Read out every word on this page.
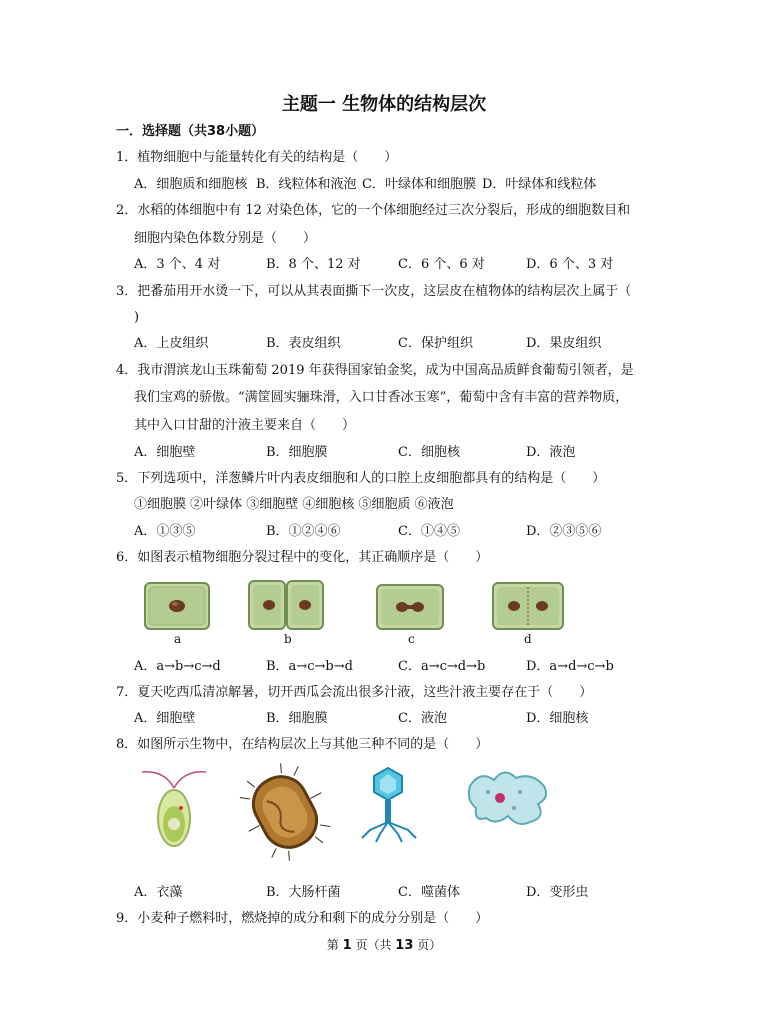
主题一 生物体的结构层次
一．选择题（共38小题）
1．植物细胞中与能量转化有关的结构是（　　）
A．细胞质和细胞核 B．线粒体和液泡 C．叶绿体和细胞膜 D．叶绿体和线粒体
2．水稻的体细胞中有 12 对染色体，它的一个体细胞经过三次分裂后，形成的细胞数目和
细胞内染色体数分别是（　　）
A．3 个、4 对	B．8 个、12 对	C．6 个、6 对	D．6 个、3 对
3．把番茄用开水烫一下，可以从其表面撕下一次皮，这层皮在植物体的结构层次上属于（
)
A．上皮组织	B．表皮组织	C．保护组织	D．果皮组织
4．我市渭滨龙山玉珠葡萄 2019 年获得国家铂金奖，成为中国高品质鲜食葡萄引领者，是
我们宝鸡的骄傲。“满筐圆实骊珠滑，入口甘香冰玉寒”，葡萄中含有丰富的营养物质，
其中入口甘甜的汁液主要来自（　　）
A．细胞壁	B．细胞膜	C．细胞核	D．液泡
5．下列选项中，洋葱鳞片叶内表皮细胞和人的口腔上皮细胞都具有的结构是（　　）
①细胞膜 ②叶绿体 ③细胞壁 ④细胞核 ⑤细胞质 ⑥液泡
A．①③⑤	B．①②④⑥	C．①④⑤	D．②③⑤⑥
6．如图表示植物细胞分裂过程中的变化，其正确顺序是（　　）
a	b	c	d
A．a→b→c→d	B．a→c→b→d	C．a→c→d→b	D．a→d→c→b
7．夏天吃西瓜清凉解暑，切开西瓜会流出很多汁液，这些汁液主要存在于（　　）
A．细胞壁	B．细胞膜	C．液泡	D．细胞核
8．如图所示生物中，在结构层次上与其他三种不同的是（　　）
A．衣藻	B．大肠杆菌	C．噬菌体	D．变形虫
9．小麦种子燃料时，燃烧掉的成分和剩下的成分分别是（　　）
第 1 页（共 13 页）
